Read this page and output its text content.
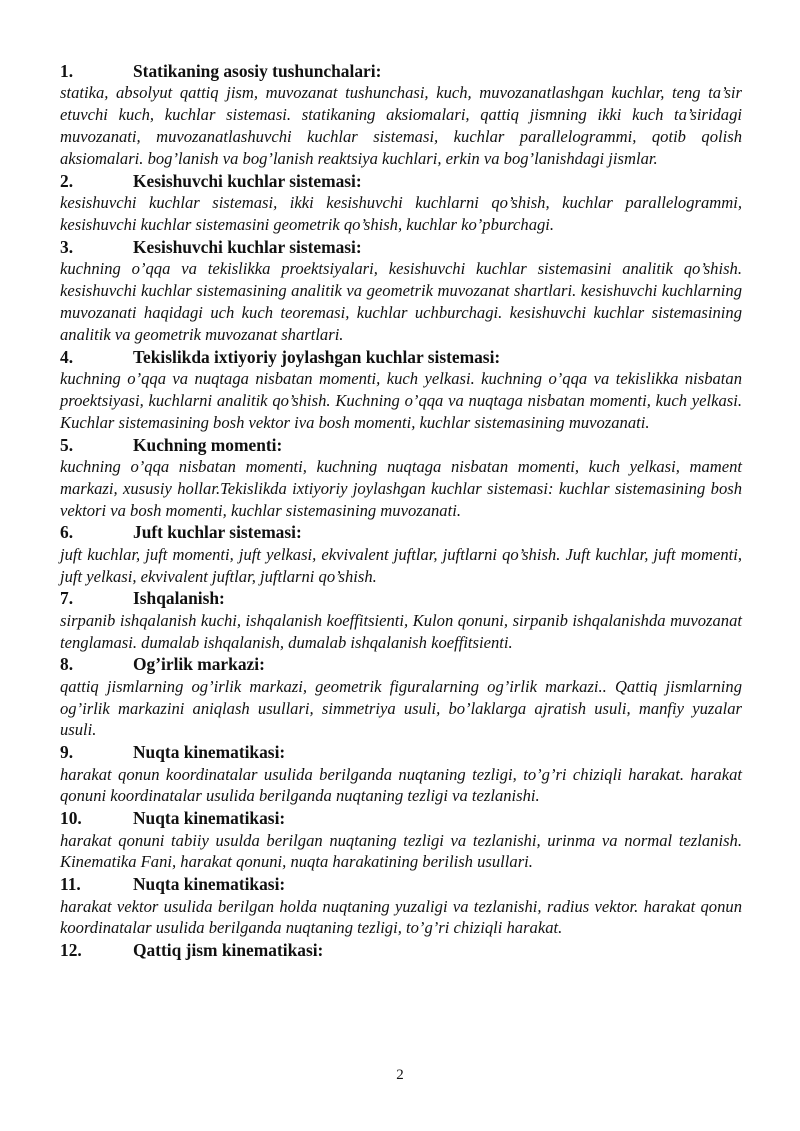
1.	Statikaning asosiy tushunchalari:

statika, absolyut qattiq jism, muvozanat tushunchasi, kuch, muvozanatlashgan kuchlar, teng ta’sir etuvchi kuch, kuchlar sistemasi. statikaning aksiomalari, qattiq jismning ikki kuch ta’siridagi muvozanati, muvozanatlashuvchi kuchlar sistemasi, kuchlar parallelogrammi, qotib qolish aksiomalari. bog’lanish va bog’lanish reaktsiya kuchlari, erkin va bog’lanishdagi jismlar.

2.	Kesishuvchi kuchlar sistemasi:

kesishuvchi kuchlar sistemasi, ikki kesishuvchi kuchlarni qo’shish, kuchlar parallelogrammi, kesishuvchi kuchlar sistemasini geometrik qo’shish, kuchlar ko’pburchagi.

3.	Kesishuvchi kuchlar sistemasi:

kuchning o’qqa va tekislikka proektsiyalari, kesishuvchi kuchlar sistemasini analitik qo’shish. kesishuvchi kuchlar sistemasining analitik va geometrik muvozanat shartlari. kesishuvchi kuchlarning muvozanati haqidagi uch kuch teoremasi, kuchlar uchburchagi. kesishuvchi kuchlar sistemasining analitik va geometrik muvozanat shartlari.

4.	Tekislikda ixtiyoriy joylashgan kuchlar sistemasi:

kuchning o’qqa va nuqtaga nisbatan momenti, kuch yelkasi. kuchning o’qqa va tekislikka nisbatan proektsiyasi, kuchlarni analitik qo’shish. Kuchning o’qqa va nuqtaga nisbatan momenti, kuch yelkasi. Kuchlar sistemasining bosh vektor iva bosh momenti, kuchlar sistemasining muvozanati.

5.	Kuchning momenti:

kuchning o’qqa nisbatan momenti, kuchning nuqtaga nisbatan momenti, kuch yelkasi, mament markazi, xususiy hollar.Tekislikda ixtiyoriy joylashgan kuchlar sistemasi: kuchlar sistemasining bosh vektori va bosh momenti, kuchlar sistemasining muvozanati.

6.	Juft kuchlar sistemasi:

juft kuchlar, juft momenti, juft yelkasi, ekvivalent juftlar, juftlarni qo’shish. Juft kuchlar, juft momenti, juft yelkasi, ekvivalent juftlar, juftlarni qo’shish.

7.	Ishqalanish:

sirpanib ishqalanish kuchi, ishqalanish koeffitsienti, Kulon qonuni, sirpanib ishqalanishda muvozanat tenglamasi. dumalab ishqalanish, dumalab ishqalanish koeffitsienti.

8.	Og’irlik markazi:

qattiq jismlarning og’irlik markazi, geometrik figuralarning og’irlik markazi.. Qattiq jismlarning og’irlik markazini aniqlash usullari, simmetriya usuli, bo’laklarga ajratish usuli, manfiy yuzalar usuli.

9.	Nuqta kinematikasi:

harakat qonun koordinatalar usulida berilganda nuqtaning tezligi, to’g’ri chiziqli harakat. harakat qonuni koordinatalar usulida berilganda nuqtaning tezligi va tezlanishi.

10.	Nuqta kinematikasi:

harakat qonuni tabiiy usulda berilgan nuqtaning tezligi va tezlanishi, urinma va normal tezlanish. Kinematika Fani, harakat qonuni, nuqta harakatining berilish usullari.

11.	Nuqta kinematikasi:

harakat vektor usulida berilgan holda nuqtaning yuzaligi va tezlanishi, radius vektor. harakat qonun koordinatalar usulida berilganda nuqtaning tezligi, to’g’ri chiziqli harakat.

12.	Qattiq jism kinematikasi:
2
